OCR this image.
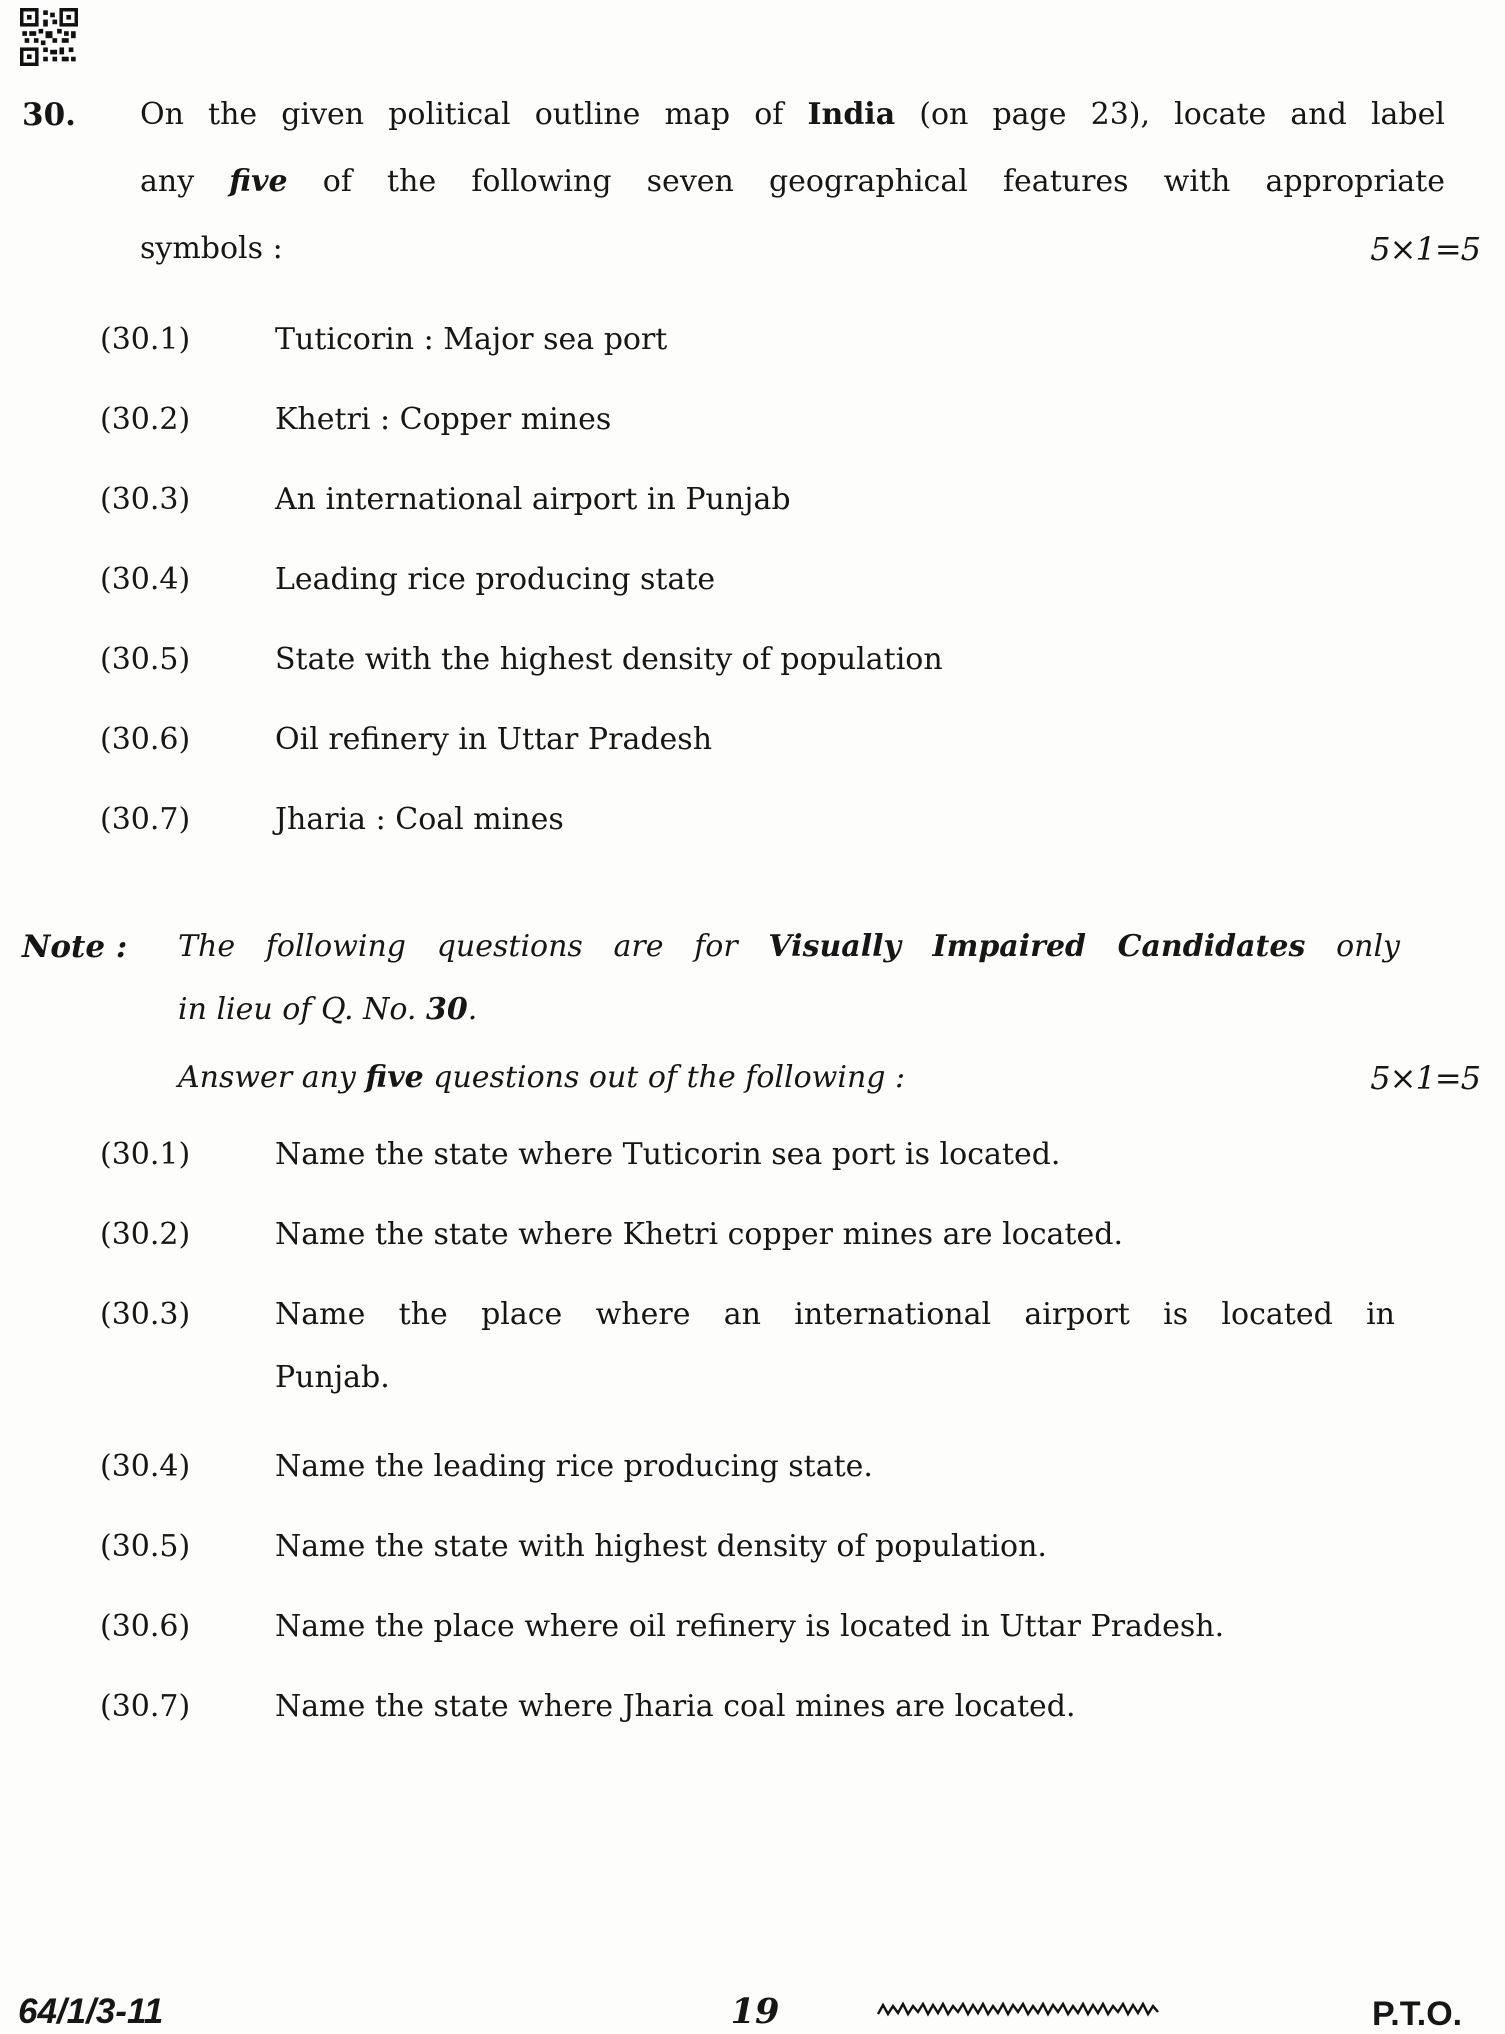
30. On the given political outline map of India (on page 23), locate and label
any five of the following seven geographical features with appropriate
symbols :	5×1=5
(30.1)	Tuticorin : Major sea port
(30.2)	Khetri : Copper mines
(30.3)	An international airport in Punjab
(30.4)	Leading rice producing state
(30.5)	State with the highest density of population
(30.6)	Oil refinery in Uttar Pradesh
(30.7)	Jharia : Coal mines
Note : The following questions are for Visually Impaired Candidates only
in lieu of Q. No. 30.
Answer any five questions out of the following :	5×1=5
(30.1)	Name the state where Tuticorin sea port is located.
(30.2)	Name the state where Khetri copper mines are located.
(30.3)	Name the place where an international airport is located in
Punjab.
(30.4)	Name the leading rice producing state.
(30.5)	Name the state with highest density of population.
(30.6)	Name the place where oil refinery is located in Uttar Pradesh.
(30.7)	Name the state where Jharia coal mines are located.
64/1/3-11	19	P.T.O.
